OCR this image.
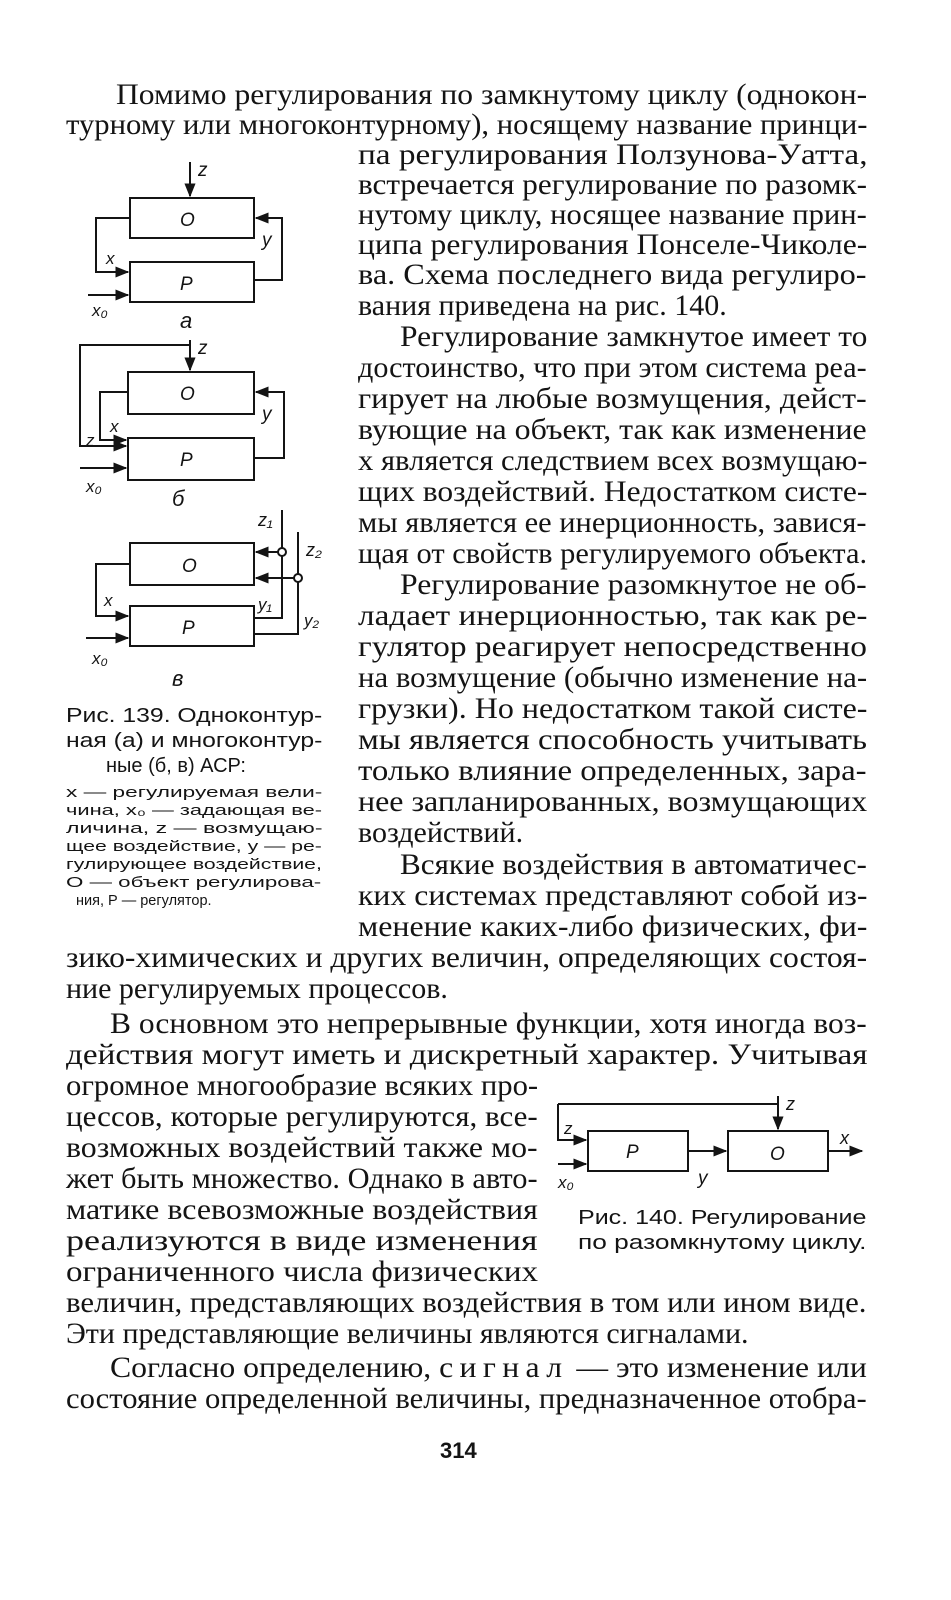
Помимо регулирования по замкнутому циклу (однокон-

турному или многоконтурному), носящему название принци-

па регулирования Ползунова-Уатта,

встречается регулирование по разомк-

нутому циклу, носящее название прин-

ципа регулирования Понселе-Чиколе-

ва. Схема последнего вида регулиро-

вания приведена на рис. 140.

Регулирование замкнутое имеет то

достоинство, что при этом система реа-

гирует на любые возмущения, дейст-

вующие на объект, так как изменение

x является следствием всех возмущаю-

щих воздействий. Недостатком систе-

мы является ее инерционность, завися-

щая от свойств регулируемого объекта.

Регулирование разомкнутое не об-

ладает инерционностью, так как ре-

гулятор реагирует непосредственно

на возмущение (обычно изменение на-

грузки). Но недостатком такой систе-

мы является способность учитывать

только влияние определенных, зара-

нее запланированных, возмущающих

воздействий.

Всякие воздействия в автоматичес-

ких системах представляют собой из-

менение каких-либо физических, фи-

зико-химических и других величин, определяющих состоя-

ние регулируемых процессов.

В основном это непрерывные функции, хотя иногда воз-

действия могут иметь и дискретный характер. Учитывая

огромное многообразие всяких про-

цессов, которые регулируются, все-

возможных воздействий также мо-

жет быть множество. Однако в авто-

матике всевозможные воздействия

реализуются в виде изменения

ограниченного числа физических

величин, представляющих воздействия в том или ином виде.

Эти представляющие величины являются сигналами.

Согласно определению, сигнал — это изменение или

состояние определенной величины, предназначенное отобра-

Рис. 139. Одноконтур-

ная (а) и многоконтур-

ные (б, в) АСР:

x — регулируемая вели-

чина, x₀ — задающая ве-

личина, z — возмущаю-

щее воздействие, y — ре-

гулирующее воздействие,

О — объект регулирова-

ния, Р — регулятор.

Рис. 140. Регулирование

по разомкнутому циклу.

314

О
Р
z
x
y
x₀	а
О
Р
z
z
x
y
x₀	б
О
Р
z₁
z₂
x	y₁
y₂
x₀
в
Р	О
z
z
x₀	y
x
